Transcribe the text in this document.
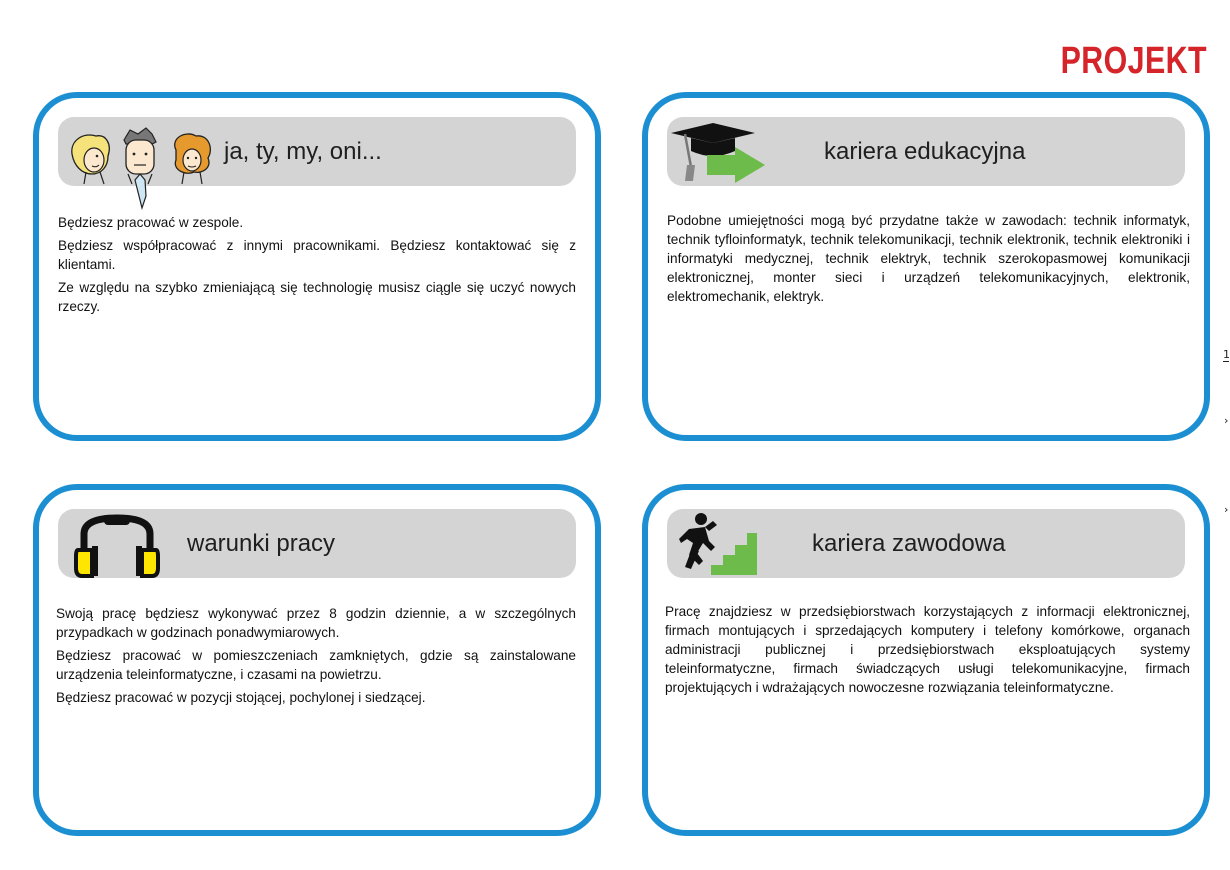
PROJEKT
ja, ty, my, oni...

Będziesz pracować w zespole.

Będziesz współpracować z innymi pracownikami. Będziesz kontaktować się z klientami.

Ze względu na szybko zmieniającą się technologię musisz ciągle się uczyć nowych rzeczy.

kariera edukacyjna

Podobne umiejętności mogą być przydatne także w zawodach: technik informatyk, technik tyfloinformatyk, technik telekomunikacji, technik elektronik, technik elektroniki i informatyki medycznej, technik elektryk, technik szerokopasmowej komunikacji elektronicznej, monter sieci i urządzeń telekomunikacyjnych, elektronik, elektromechanik, elektryk.

warunki pracy

Swoją pracę będziesz wykonywać przez 8 godzin dziennie, a w szczególnych przypadkach w godzinach ponadwymiarowych.

Będziesz pracować w pomieszczeniach zamkniętych, gdzie są zainstalowane urządzenia teleinformatyczne, i czasami na powietrzu.

Będziesz pracować w pozycji stojącej, pochylonej i siedzącej.

kariera zawodowa

Pracę znajdziesz w przedsiębiorstwach korzystających z informacji elektronicznej, firmach montujących i sprzedających komputery i telefony komórkowe, organach administracji publicznej i przedsiębiorstwach eksploatujących systemy teleinformatyczne, firmach świadczących usługi telekomunikacyjne, firmach projektujących i wdrażających nowoczesne rozwiązania teleinformatyczne.

1
›
›
